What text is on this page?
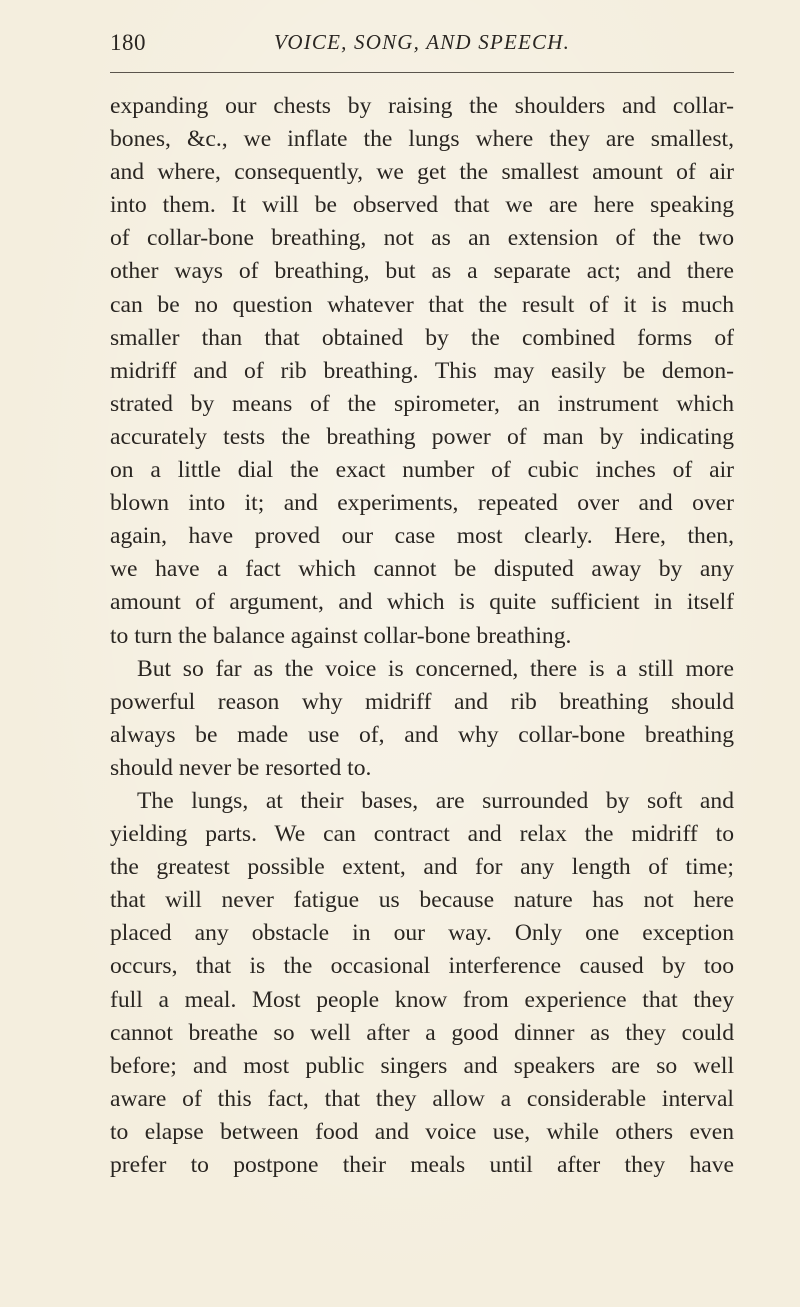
180	VOICE, SONG, AND SPEECH.
expanding our chests by raising the shoulders and collar-
bones, &c., we inflate the lungs where they are smallest,
and where, consequently, we get the smallest amount of air
into them. It will be observed that we are here speaking
of collar-bone breathing, not as an extension of the two
other ways of breathing, but as a separate act; and there
can be no question whatever that the result of it is much
smaller than that obtained by the combined forms of
midriff and of rib breathing. This may easily be demon-
strated by means of the spirometer, an instrument which
accurately tests the breathing power of man by indicating
on a little dial the exact number of cubic inches of air
blown into it; and experiments, repeated over and over
again, have proved our case most clearly. Here, then,
we have a fact which cannot be disputed away by any
amount of argument, and which is quite sufficient in itself
to turn the balance against collar-bone breathing.
But so far as the voice is concerned, there is a still more
powerful reason why midriff and rib breathing should
always be made use of, and why collar-bone breathing
should never be resorted to.
The lungs, at their bases, are surrounded by soft and
yielding parts. We can contract and relax the midriff to
the greatest possible extent, and for any length of time;
that will never fatigue us because nature has not here
placed any obstacle in our way. Only one exception
occurs, that is the occasional interference caused by too
full a meal. Most people know from experience that they
cannot breathe so well after a good dinner as they could
before; and most public singers and speakers are so well
aware of this fact, that they allow a considerable interval
to elapse between food and voice use, while others even
prefer to postpone their meals until after they have
